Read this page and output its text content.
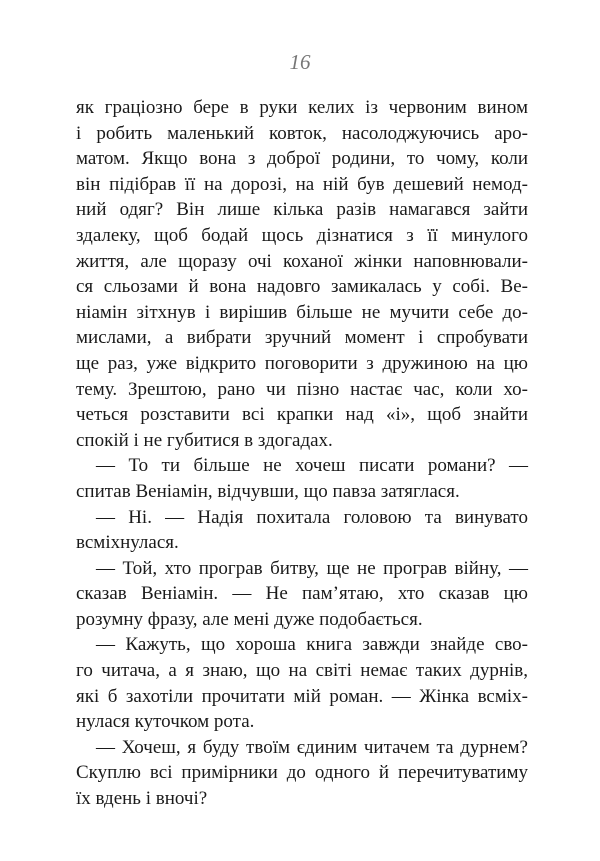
16
як граціозно бере в руки келих із червоним вином
і робить маленький ковток, насолоджуючись аро-
матом. Якщо вона з доброї родини, то чому, коли
він підібрав її на дорозі, на ній був дешевий немод-
ний одяг? Він лише кілька разів намагався зайти
здалеку, щоб бодай щось дізнатися з її минулого
життя, але щоразу очі коханої жінки наповнювали-
ся сльозами й вона надовго замикалась у собі. Ве-
ніамін зітхнув і вирішив більше не мучити себе до-
мислами, а вибрати зручний момент і спробувати
ще раз, уже відкрито поговорити з дружиною на цю
тему. Зрештою, рано чи пізно настає час, коли хо-
четься розставити всі крапки над «і», щоб знайти
спокій і не губитися в здогадах.
— То ти більше не хочеш писати романи? —
спитав Веніамін, відчувши, що павза затяглася.
— Ні. — Надія похитала головою та винувато
всміхнулася.
— Той, хто програв битву, ще не програв війну, —
сказав Веніамін. — Не пам’ятаю, хто сказав цю
розумну фразу, але мені дуже подобається.
— Кажуть, що хороша книга завжди знайде сво-
го читача, а я знаю, що на світі немає таких дурнів,
які б захотіли прочитати мій роман. — Жінка всміх-
нулася куточком рота.
— Хочеш, я буду твоїм єдиним читачем та дурнем?
Скуплю всі примірники до одного й перечитуватиму
їх вдень і вночі?
